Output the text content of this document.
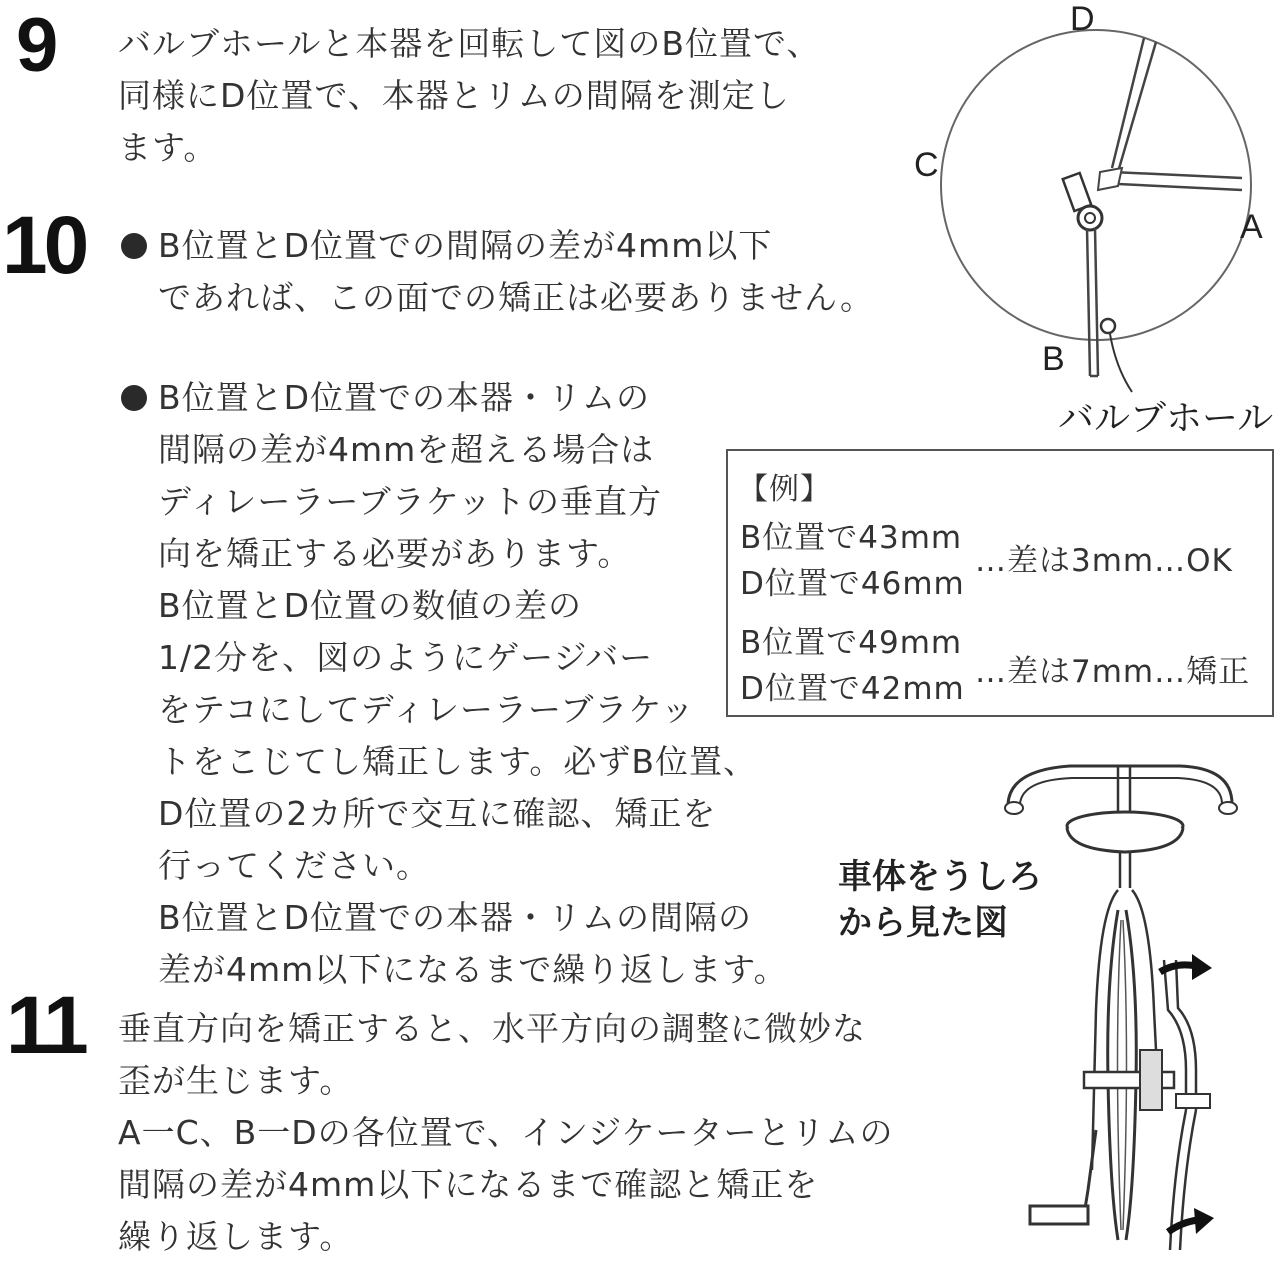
9 バルブホールと本器を回転して図のB位置で、
同様にD位置で、本器とリムの間隔を測定し
ます。
10 B位置とD位置での間隔の差が4mm以下
であれば、この面での矯正は必要ありません。
B位置とD位置での本器・リムの
間隔の差が4mmを超える場合は
ディレーラーブラケットの垂直方
向を矯正する必要があります。
B位置とD位置の数値の差の
1/2分を、図のようにゲージバー
をテコにしてディレーラーブラケッ
トをこじてし矯正します。必ずB位置、
D位置の2カ所で交互に確認、矯正を
行ってください。
B位置とD位置での本器・リムの間隔の
差が4mm以下になるまで繰り返します。
11 垂直方向を矯正すると、水平方向の調整に微妙な
歪が生じます。
A一C、B一Dの各位置で、インジケーターとリムの
間隔の差が4mm以下になるまで確認と矯正を
繰り返します。
D
C
A
B
バルブホール
【例】
B位置で43mm
D位置で46mm
…差は3mm…OK
B位置で49mm
D位置で42mm …差は7mm…矯正
車体をうしろ
から見た図
